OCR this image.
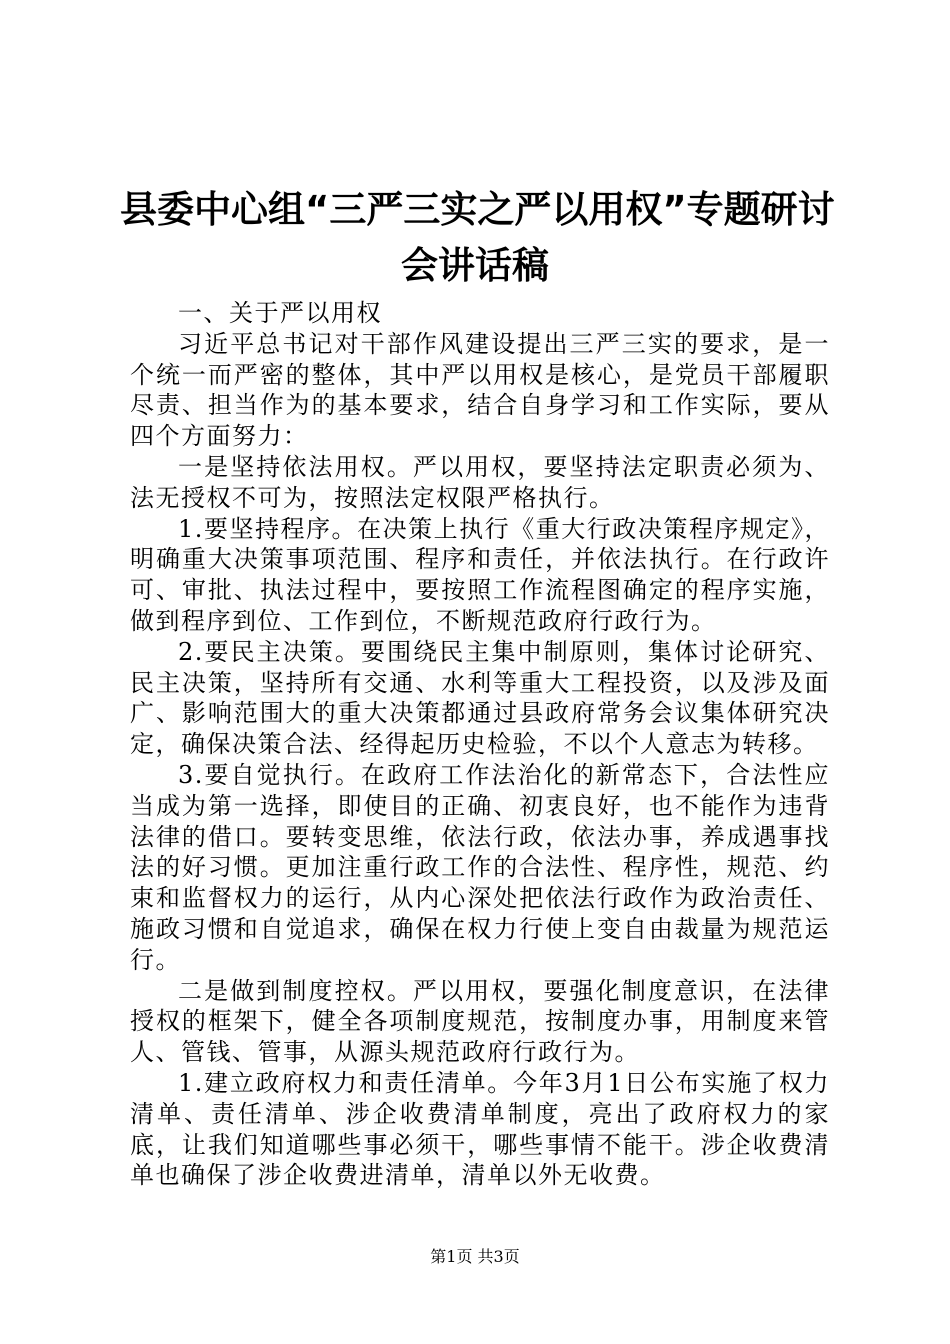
县委中心组“三严三实之严以用权”专题研讨
会讲话稿

一、关于严以用权

习近平总书记对干部作风建设提出三严三实的要求，是一个统一而严密的整体，其中严以用权是核心，是党员干部履职尽责、担当作为的基本要求，结合自身学习和工作实际，要从四个方面努力：

一是坚持依法用权。严以用权，要坚持法定职责必须为、法无授权不可为，按照法定权限严格执行。

1.要坚持程序。在决策上执行《重大行政决策程序规定》，明确重大决策事项范围、程序和责任，并依法执行。在行政许可、审批、执法过程中，要按照工作流程图确定的程序实施，做到程序到位、工作到位，不断规范政府行政行为。

2.要民主决策。要围绕民主集中制原则，集体讨论研究、民主决策，坚持所有交通、水利等重大工程投资，以及涉及面广、影响范围大的重大决策都通过县政府常务会议集体研究决定，确保决策合法、经得起历史检验，不以个人意志为转移。

3.要自觉执行。在政府工作法治化的新常态下，合法性应当成为第一选择，即使目的正确、初衷良好，也不能作为违背法律的借口。要转变思维，依法行政，依法办事，养成遇事找法的好习惯。更加注重行政工作的合法性、程序性，规范、约束和监督权力的运行，从内心深处把依法行政作为政治责任、施政习惯和自觉追求，确保在权力行使上变自由裁量为规范运行。

二是做到制度控权。严以用权，要强化制度意识，在法律授权的框架下，健全各项制度规范，按制度办事，用制度来管人、管钱、管事，从源头规范政府行政行为。

1.建立政府权力和责任清单。今年3月1日公布实施了权力清单、责任清单、涉企收费清单制度，亮出了政府权力的家底，让我们知道哪些事必须干，哪些事情不能干。涉企收费清单也确保了涉企收费进清单，清单以外无收费。

第1页 共3页
